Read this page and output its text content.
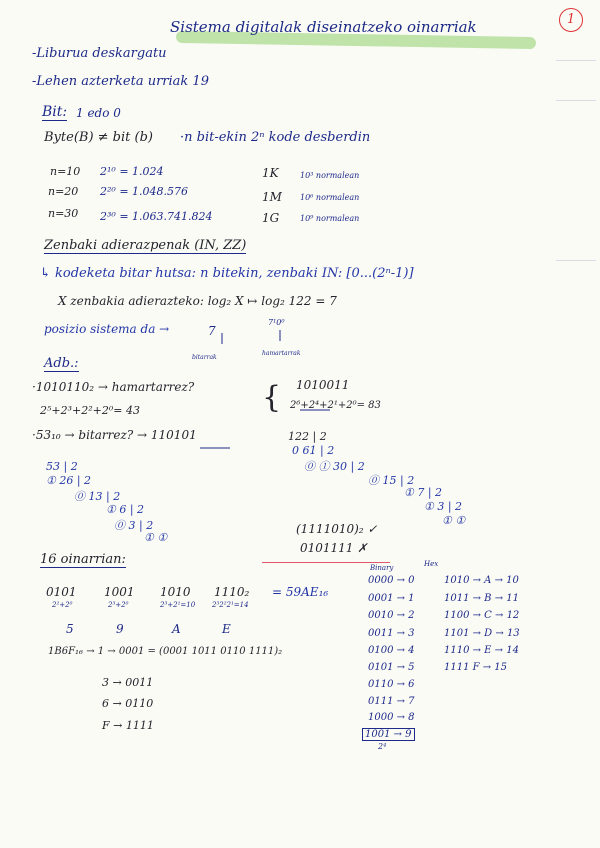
Sistema digitalak diseinatzeko oinarriak	1
-Liburua deskargatu
-Lehen azterketa urriak 19
Bit: 1 edo 0
Byte(B) ≠ bit (b) ·n bit-ekin 2ⁿ kode desberdin
n=10 2¹⁰ = 1.024	1K	10³ normalean
n=20 2²⁰ = 1.048.576	1M 10⁶ normalean
n=30 2³⁰ = 1.063.741.824	1G	10⁹ normalean
Zenbaki adierazpenak (IN, ZZ)
↳ kodeketa bitar hutsa: n bitekin, zenbaki IN: [0...(2ⁿ-1)]
X zenbakia adierazteko: log₂ X ↦ log₂ 122 = 7
posizio sistema da →	7
7¹0⁰
bitarrak
hamartarrak
Adb.:
·1010110₂ → hamartarrez?
2⁵+2³+2²+2⁰= 43
·53₁₀ → bitarrez? → 110101
{ 1010011
2⁶+2⁴+2¹+2⁰= 83
53 | 2
① 26 | 2
⓪ 13 | 2
① 6 | 2
⓪ 3 | 2
① ①
122 | 2
0 61 | 2
⓪ ① 30 | 2
⓪ 15 | 2
① 7 | 2
① 3 | 2
① ①
(1111010)₂ ✓
0101111 ✗
16 oinarrian:
0101 1001 1010 1110₂ = 59AE₁₆
2²+2⁰	2³+2⁰	2³+2¹=10 2³2²2¹=14
5	9	A	E
1B6F₁₆ → 1 → 0001 = (0001 1011 0110 1111)₂
3 → 0011
6 → 0110
F → 1111
Binary	Hex
0000 → 0
0001 → 1
0010 → 2
0011 → 3
0100 → 4
0101 → 5
0110 → 6
0111 → 7
1000 → 8
1001 → 9
2⁴
1010 → A → 10
1011 → B → 11
1100 → C → 12
1101 → D → 13
1110 → E → 14
1111 F → 15
